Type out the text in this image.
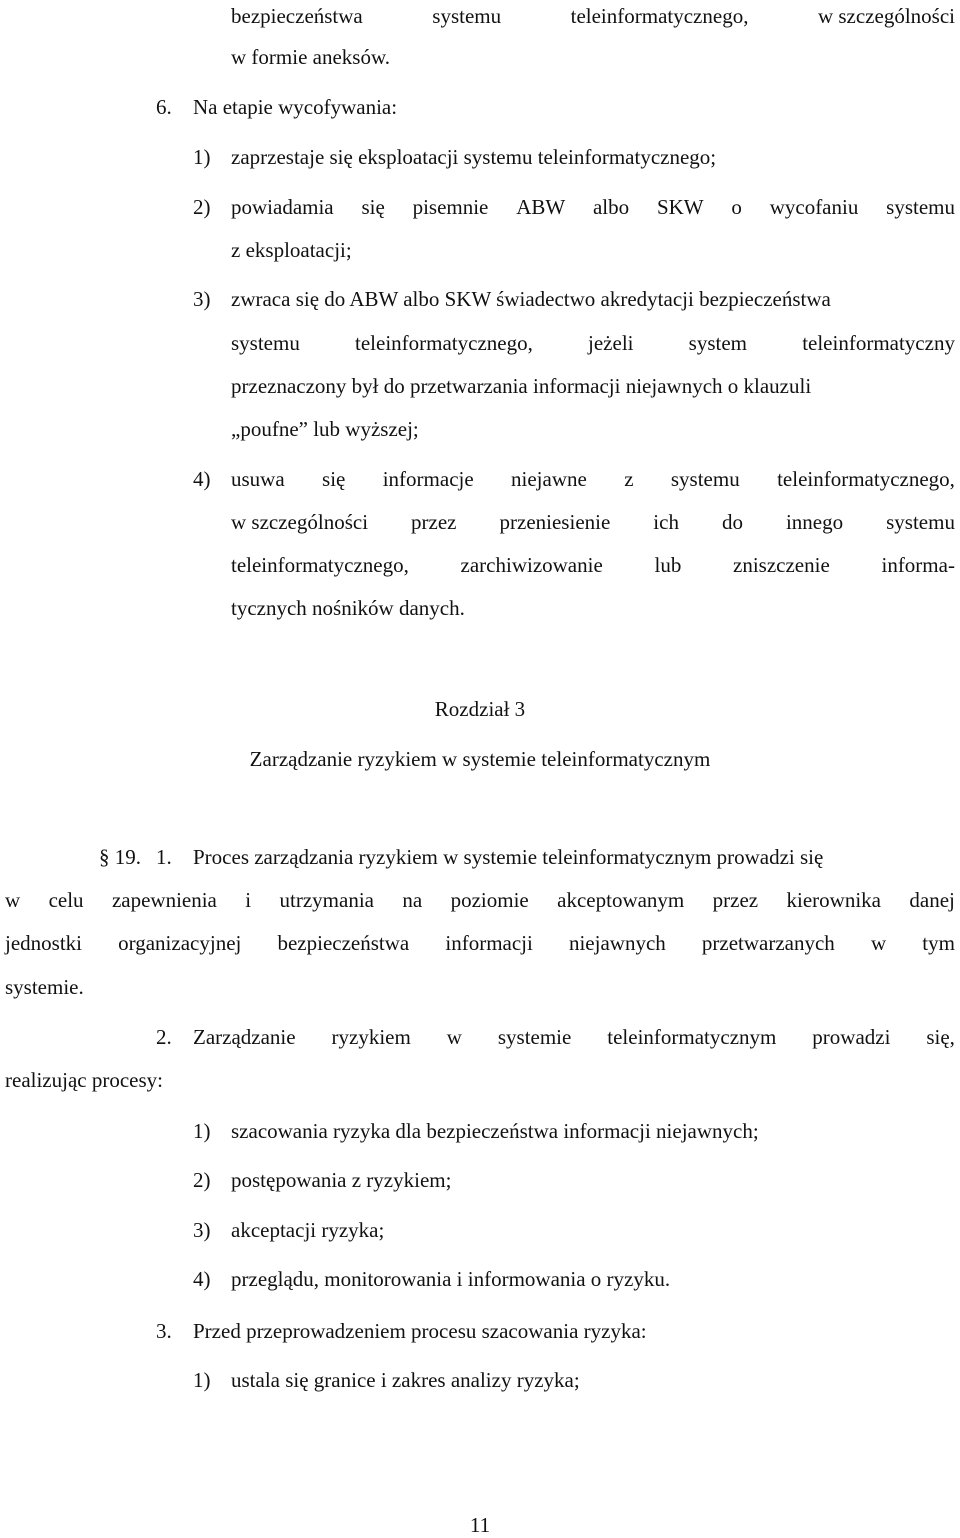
bezpieczeństwa	systemu	teleinformatycznego,	w szczególności
w formie aneksów.
6. Na etapie wycofywania:
1) zaprzestaje się eksploatacji systemu teleinformatycznego;
2) powiadamia się pisemnie ABW albo SKW o wycofaniu systemu
z eksploatacji;
3) zwraca się do ABW albo SKW świadectwo akredytacji bezpieczeństwa
systemu	teleinformatycznego,	jeżeli	system	teleinformatyczny
przeznaczony był do przetwarzania informacji niejawnych o klauzuli
„poufne” lub wyższej;
4) usuwa się informacje niejawne z systemu teleinformatycznego,
w szczególności przez przeniesienie ich do innego systemu
teleinformatycznego, zarchiwizowanie lub zniszczenie informa-
tycznych nośników danych.
Rozdział 3
Zarządzanie ryzykiem w systemie teleinformatycznym
§ 19. 1. Proces zarządzania ryzykiem w systemie teleinformatycznym prowadzi się
w celu zapewnienia i utrzymania na poziomie akceptowanym przez kierownika danej
jednostki organizacyjnej bezpieczeństwa informacji niejawnych przetwarzanych w tym
systemie.
2. Zarządzanie ryzykiem w systemie teleinformatycznym prowadzi się,
realizując procesy:
1) szacowania ryzyka dla bezpieczeństwa informacji niejawnych;
2) postępowania z ryzykiem;
3) akceptacji ryzyka;
4) przeglądu, monitorowania i informowania o ryzyku.
3. Przed przeprowadzeniem procesu szacowania ryzyka:
1) ustala się granice i zakres analizy ryzyka;
11
